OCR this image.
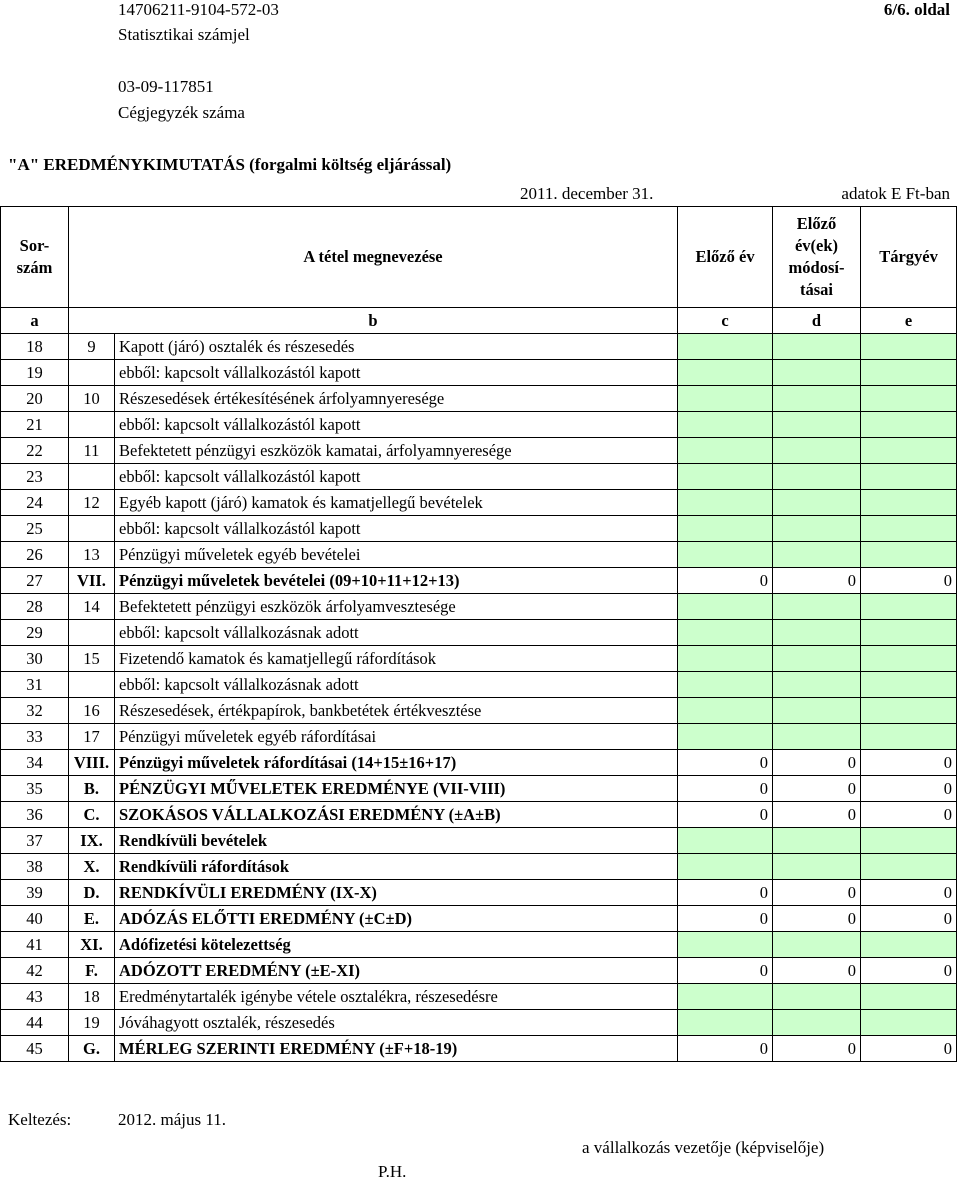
14706211-9104-572-03	6/6. oldal
Statisztikai számjel
03-09-117851
Cégjegyzék száma
"A" EREDMÉNYKIMUTATÁS (forgalmi költség eljárással)
2011. december 31.	adatok E Ft-ban
Sor-szám	A tétel megnevezése		Előző év	Előző év(ek) módosí-tásai	Tárgyév
a	b		c	d	e
18	9	Kapott (járó) osztalék és részesedés			
19		ebből: kapcsolt vállalkozástól kapott			
20	10	Részesedések értékesítésének árfolyamnyeresége			
21		ebből: kapcsolt vállalkozástól kapott			
22	11	Befektetett pénzügyi eszközök kamatai, árfolyamnyeresége			
23		ebből: kapcsolt vállalkozástól kapott			
24	12	Egyéb kapott (járó) kamatok és kamatjellegű bevételek			
25		ebből: kapcsolt vállalkozástól kapott			
26	13	Pénzügyi műveletek egyéb bevételei			
27	VII.	Pénzügyi műveletek bevételei (09+10+11+12+13)	0	0	0
28	14	Befektetett pénzügyi eszközök árfolyamvesztesége			
29		ebből: kapcsolt vállalkozásnak adott			
30	15	Fizetendő kamatok és kamatjellegű ráfordítások			
31		ebből: kapcsolt vállalkozásnak adott			
32	16	Részesedések, értékpapírok, bankbetétek értékvesztése			
33	17	Pénzügyi műveletek egyéb ráfordításai			
34	VIII.	Pénzügyi műveletek ráfordításai (14+15±16+17)	0	0	0
35	B.	PÉNZÜGYI MŰVELETEK EREDMÉNYE (VII-VIII)	0	0	0
36	C.	SZOKÁSOS VÁLLALKOZÁSI EREDMÉNY (±A±B)	0	0	0
37	IX.	Rendkívüli bevételek			
38	X.	Rendkívüli ráfordítások			
39	D.	RENDKÍVÜLI EREDMÉNY (IX-X)	0	0	0
40	E.	ADÓZÁS ELŐTTI EREDMÉNY (±C±D)	0	0	0
41	XI.	Adófizetési kötelezettség			
42	F.	ADÓZOTT EREDMÉNY (±E-XI)	0	0	0
43	18	Eredménytartalék igénybe vétele osztalékra, részesedésre			
44	19	Jóváhagyott osztalék, részesedés			
45	G.	MÉRLEG SZERINTI EREDMÉNY (±F+18-19)	0	0	0
Keltezés:	2012. május 11.
a vállalkozás vezetője (képviselője)
P.H.
